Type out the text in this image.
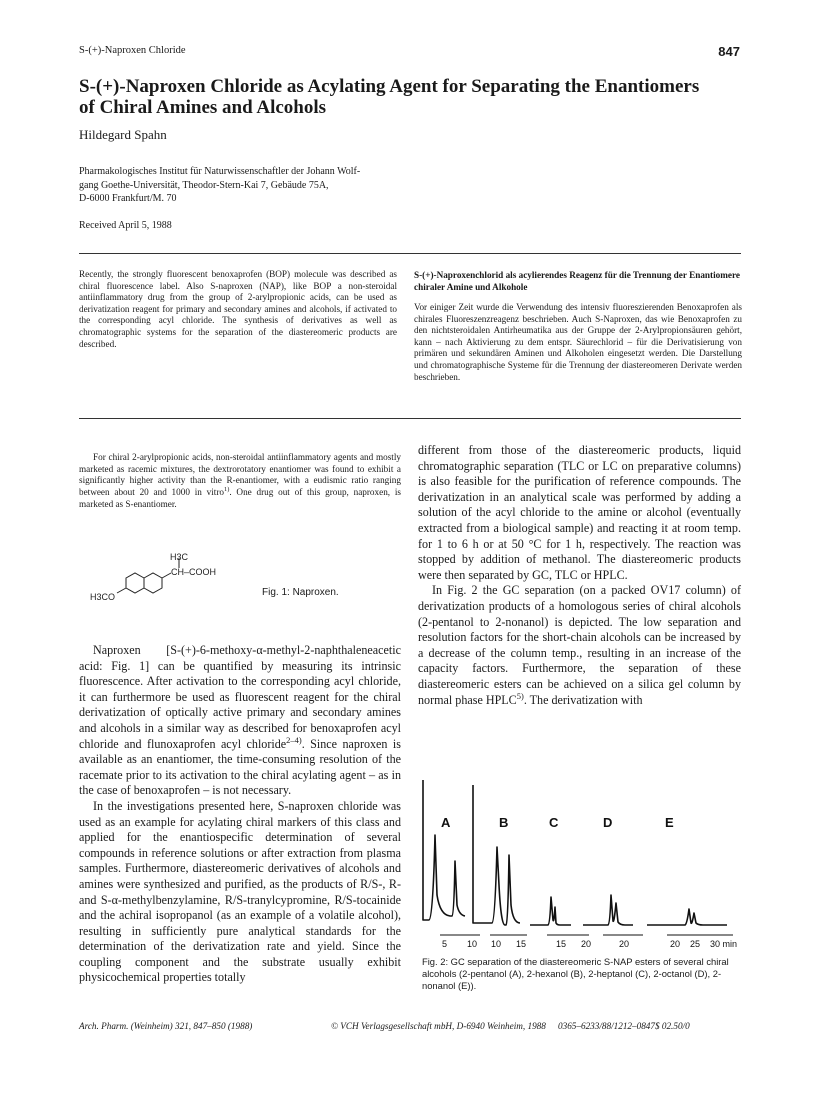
S-(+)-Naproxen Chloride	847
S-(+)-Naproxen Chloride as Acylating Agent for Separating the Enantiomers of Chiral Amines and Alcohols
Hildegard Spahn
Pharmakologisches Institut für Naturwissenschaftler der Johann Wolf-
gang Goethe-Universität, Theodor-Stern-Kai 7, Gebäude 75A,
D-6000 Frankfurt/M. 70
Received April 5, 1988
Recently, the strongly fluorescent benoxaprofen (BOP) molecule was described as chiral fluorescence label. Also S-naproxen (NAP), like BOP a non-steroidal antiinflammatory drug from the group of 2-arylpropionic acids, can be used as derivatization reagent for primary and secondary amines and alcohols, if activated to the corresponding acyl chloride. The synthesis of derivatives as well as chromatographic systems for the separation of the diastereomeric products are described.
S-(+)-Naproxenchlorid als acylierendes Reagenz für die Trennung der Enantiomere chiraler Amine und Alkohole
Vor einiger Zeit wurde die Verwendung des intensiv fluoreszierenden Benoxaprofen als chirales Fluoreszenzreagenz beschrieben. Auch S-Naproxen, das wie Benoxaprofen zu den nichtsteroidalen Antirheumatika aus der Gruppe der 2-Arylpropionsäuren gehört, kann – nach Aktivierung zu dem entspr. Säurechlorid – für die Derivatisierung von primären und sekundären Aminen und Alkoholen eingesetzt werden. Die Darstellung und chromatographische Systeme für die Trennung der diastereomeren Derivate werden beschrieben.
For chiral 2-arylpropionic acids, non-steroidal antiinflammatory agents and mostly marketed as racemic mixtures, the dextrorotatory enantiomer was found to exhibit a significantly higher activity than the R-enantiomer, with a eudismic ratio ranging between about 20 and 1000 in vitro$^{1)}$. One drug out of this group, naproxen, is marketed as S-enantiomer.
H3C
CH–COOH
H3CO	Fig. 1: Naproxen.

Naproxen [S-(+)-6-methoxy-α-methyl-2-naphthaleneacetic acid: Fig. 1] can be quantified by measuring its intrinsic fluorescence. After activation to the corresponding acyl chloride, it can furthermore be used as fluorescent reagent for the chiral derivatization of optically active primary and secondary amines and alcohols in a similar way as described for benoxaprofen acyl chloride and flunoxaprofen acyl chloride$^{2-4)}$. Since naproxen is available as an enantiomer, the time-consuming resolution of the racemate prior to its activation to the chiral acylating agent – as in the case of benoxaprofen – is not necessary.

In the investigations presented here, S-naproxen chloride was used as an example for acylating chiral markers of this class and applied for the enantiospecific determination of several compounds in reference solutions or after extraction from plasma samples. Furthermore, diastereomeric derivatives of alcohols and amines were synthesized and purified, as the products of R/S-, R- and S-α-methylbenzylamine, R/S-tranylcypromine, R/S-tocainide and the achiral isopropanol (as an example of a volatile alcohol), resulting in sufficiently pure analytical standards for the determination of the derivatization rate and yield. Since the coupling component and the substrate usually exhibit physicochemical properties totally

different from those of the diastereomeric products, liquid chromatographic separation (TLC or LC on preparative columns) is also feasible for the purification of reference compounds. The derivatization in an analytical scale was performed by adding a solution of the acyl chloride to the amine or alcohol (eventually extracted from a biological sample) and reacting it at room temp. for 1 to 6 h or at 50 °C for 1 h, respectively. The reaction was stopped by addition of methanol. The diastereomeric products were then separated by GC, TLC or HPLC.

In Fig. 2 the GC separation (on a packed OV17 column) of derivatization products of a homologous series of chiral alcohols (2-pentanol to 2-nonanol) is depicted. The low separation and resolution factors for the short-chain alcohols can be increased by a decrease of the column temp., resulting in an increase of the capacity factors. Furthermore, the separation of these diastereomeric esters can be achieved on a silica gel column by normal phase HPLC$^{5)}$. The derivatization with

A	B	C	D	E
5 10 10 15	15 20	20	20 25 30 min
Fig. 2: GC separation of the diastereomeric S-NAP esters of several chiral alcohols (2-pentanol (A), 2-hexanol (B), 2-heptanol (C), 2-octanol (D), 2-nonanol (E)).
Arch. Pharm. (Weinheim) 321, 847–850 (1988)	© VCH Verlagsgesellschaft mbH, D-6940 Weinheim, 1988 0365–6233/88/1212–0847$ 02.50/0
